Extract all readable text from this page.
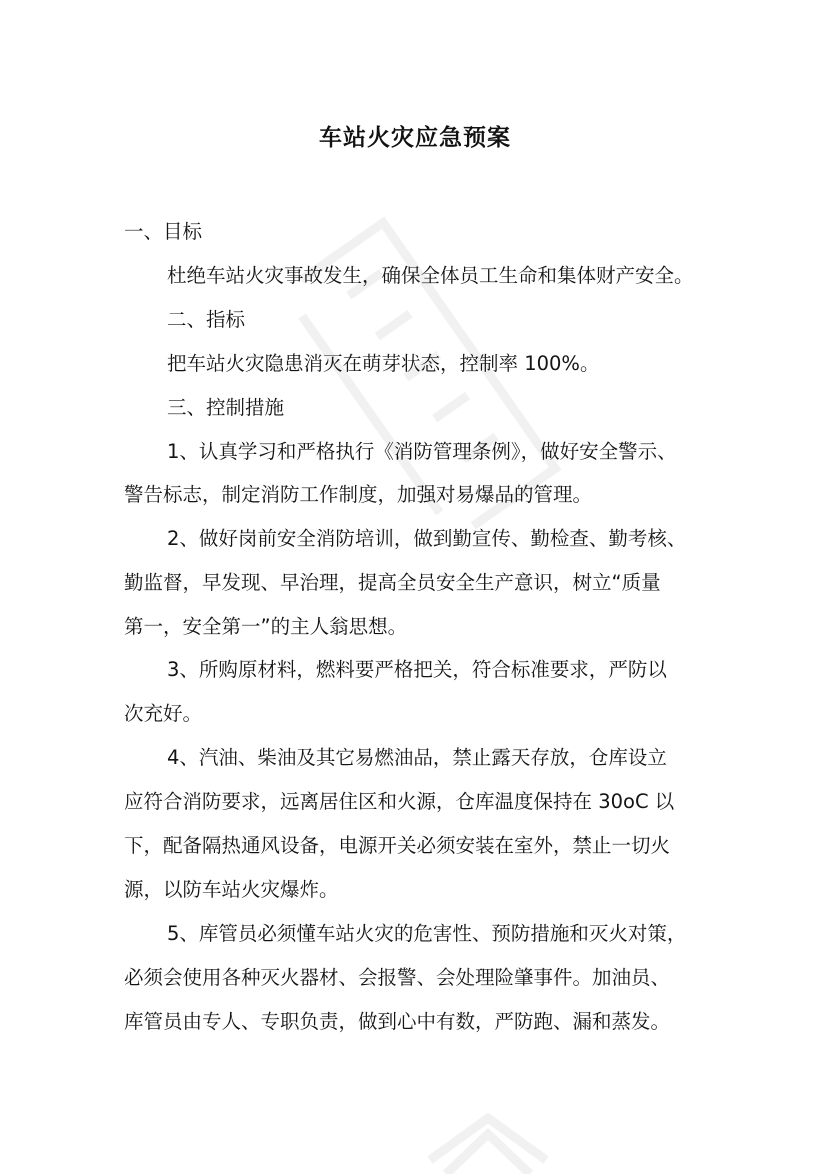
车站火灾应急预案
一、目标
杜绝车站火灾事故发生，确保全体员工生命和集体财产安全。
二、指标
把车站火灾隐患消灭在萌芽状态，控制率 100%。
三、控制措施
1、认真学习和严格执行《消防管理条例》，做好安全警示、
警告标志，制定消防工作制度，加强对易爆品的管理。
2、做好岗前安全消防培训，做到勤宣传、勤检查、勤考核、
勤监督，早发现、早治理，提高全员安全生产意识，树立“质量
第一，安全第一”的主人翁思想。
3、所购原材料，燃料要严格把关，符合标准要求，严防以
次充好。
4、汽油、柴油及其它易燃油品，禁止露天存放，仓库设立
应符合消防要求，远离居住区和火源，仓库温度保持在 30oC 以
下，配备隔热通风设备，电源开关必须安装在室外，禁止一切火
源，以防车站火灾爆炸。
5、库管员必须懂车站火灾的危害性、预防措施和灭火对策，
必须会使用各种灭火器材、会报警、会处理险肇事件。加油员、
库管员由专人、专职负责，做到心中有数，严防跑、漏和蒸发。
